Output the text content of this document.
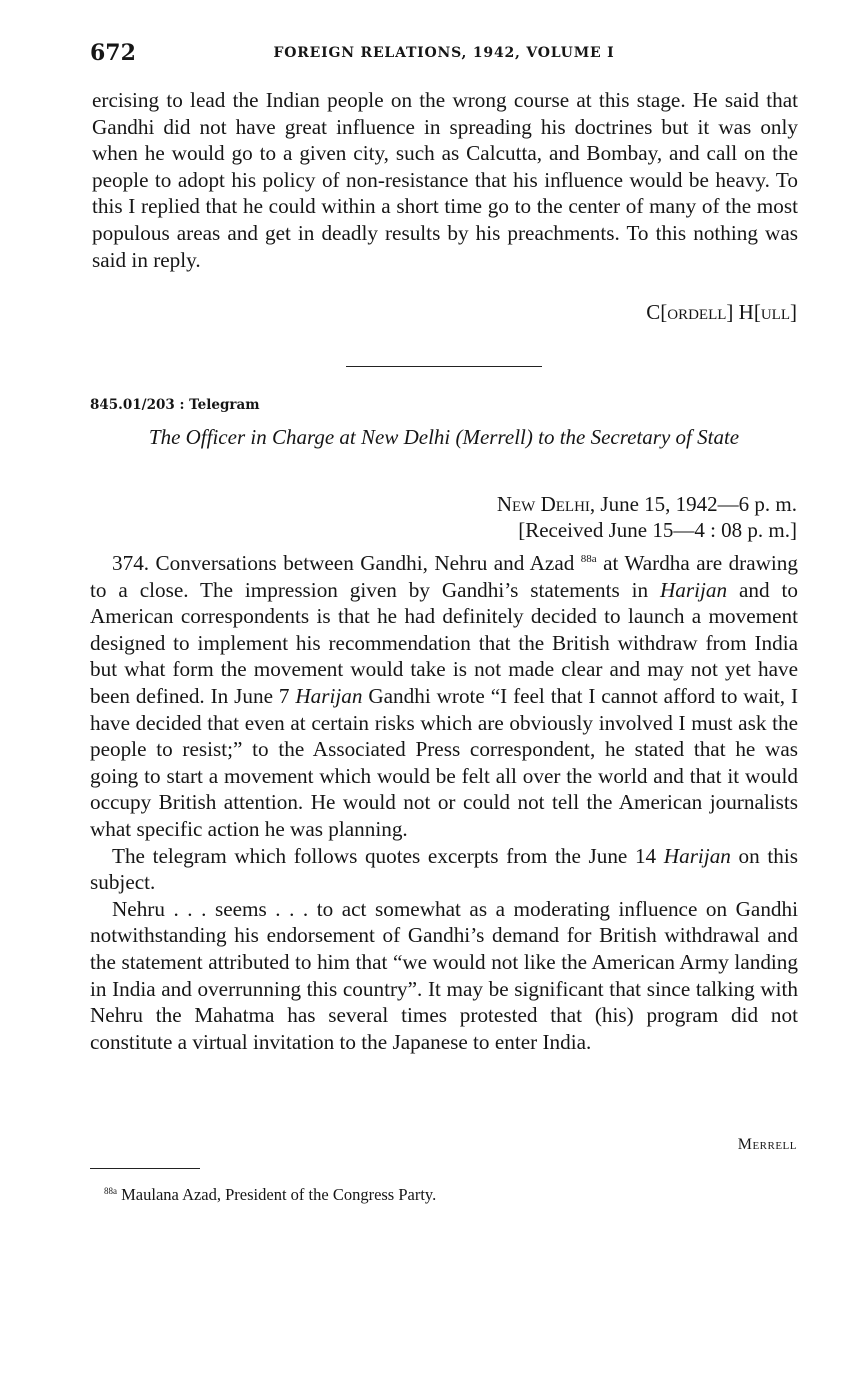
672	FOREIGN RELATIONS, 1942, VOLUME I

ercising to lead the Indian people on the wrong course at this stage. He said that Gandhi did not have great influence in spreading his doctrines but it was only when he would go to a given city, such as Calcutta, and Bombay, and call on the people to adopt his policy of non-resistance that his influence would be heavy. To this I replied that he could within a short time go to the center of many of the most populous areas and get in deadly results by his preachments. To this nothing was said in reply.

C[ordell] H[ull]
845.01/203 : Telegram
The Officer in Charge at New Delhi (Merrell) to the Secretary of State
New Delhi, June 15, 1942—6 p. m.
[Received June 15—4 : 08 p. m.]

374. Conversations between Gandhi, Nehru and Azad $^{88a}$ at Wardha are drawing to a close. The impression given by Gandhi’s statements in Harijan and to American correspondents is that he had definitely decided to launch a movement designed to implement his recommendation that the British withdraw from India but what form the movement would take is not made clear and may not yet have been defined. In June 7 Harijan Gandhi wrote “I feel that I cannot afford to wait, I have decided that even at certain risks which are obviously involved I must ask the people to resist;” to the Associated Press correspondent, he stated that he was going to start a movement which would be felt all over the world and that it would occupy British attention. He would not or could not tell the American journalists what specific action he was planning.

The telegram which follows quotes excerpts from the June 14 Harijan on this subject.

Nehru . . . seems . . . to act somewhat as a moderating influence on Gandhi notwithstanding his endorsement of Gandhi’s demand for British withdrawal and the statement attributed to him that “we would not like the American Army landing in India and overrunning this country”. It may be significant that since talking with Nehru the Mahatma has several times protested that (his) program did not constitute a virtual invitation to the Japanese to enter India.

Merrell
$^{88a}$ Maulana Azad, President of the Congress Party.
